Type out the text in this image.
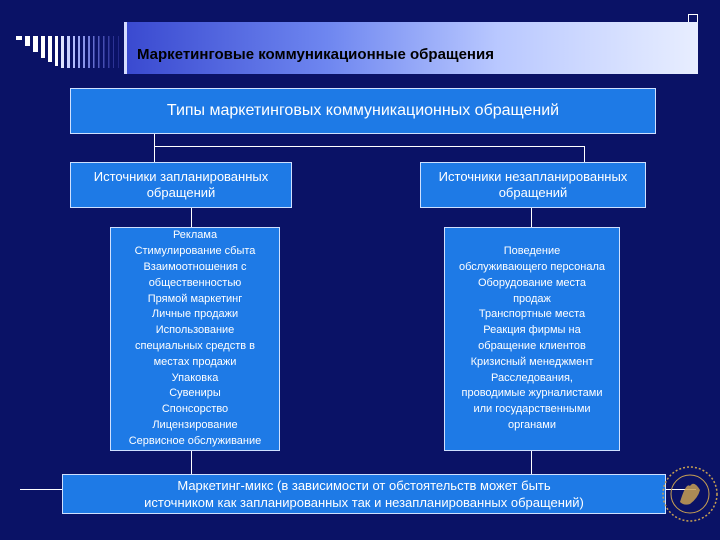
Маркетинговые коммуникационные обращения
Типы маркетинговых коммуникационных обращений
Источники запланированных
обращений
Источники незапланированных
обращений
Реклама
Стимулирование сбыта
Взаимоотношения с
общественностью
Прямой маркетинг
Личные продажи
Использование
специальных средств в
местах продажи
Упаковка
Сувениры
Спонсорство
Лицензирование
Сервисное обслуживание
Поведение
обслуживающего персонала
Оборудование места
продаж
Транспортные места
Реакция фирмы на
обращение клиентов
Кризисный менеджмент
Расследования,
проводимые журналистами
или государственными
органами
Маркетинг-микс (в зависимости от обстоятельств может быть
источником как запланированных так и незапланированных обращений)
